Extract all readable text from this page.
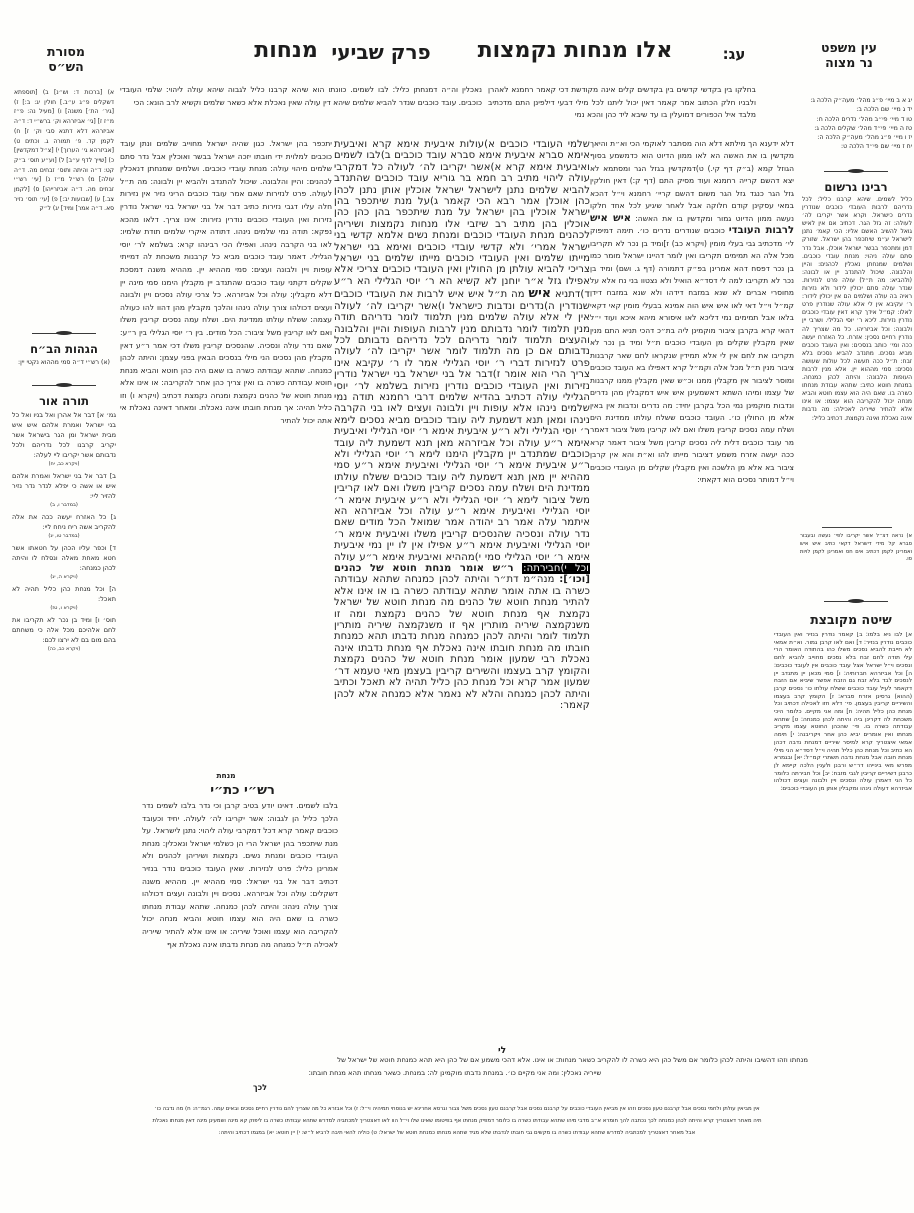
עין משפט
נר מצוה
עג:
אלו מנחות נקמצות
פרק שביעי
מנחות
יג א ב מיי׳ פ״ג מהל׳ מעה״ק הלכה ג:
יד ג מיי׳ שם הלכה ב:
טו ד מיי׳ פי״ב מהל׳ נדרים הלכה ח:
טז ה מיי׳ פי״ד מהל׳ שקלים הלכה ג:
יז ו מיי׳ פ״ג מהל׳ מעה״ק הלכה ה:
יח ז מיי׳ שם פי״ד הלכה ט:
רבינו גרשום
כליל לשמים. שיהא קרבנו כליל: לכל נדריהם לרבות העובדי כוכבים שנודרין נדרים כישראל. וקרא אשר יקריבו לה׳ לעולה: זה גזל הגר. דכתיב אם אין לאיש גואל להשיב האשם אליו: הכי קאמ׳ נתנן לישראל ע״מ שיתכפר בהן ישראל. שזורק דמן ומתכפר בבשר ישראל אוכלן. אבל נדר סתם עולה ניהוי: מנחת עובדי כוכבים. ושלמים שמנחתן נאכלין לכהנים: והיין והלבונה. שיכול להתנדב יין או לבונה: (ולהביא: מה ת״ל) עולה פרט לנזירות. שנדר עולה סתם יכולין לידור ולא נזירות ראיה בה עולה ושלמים הם אין יכולין לידור: ר׳ עקיבא אין לי אלא עולה שנודרין פרט לאלו: קמ״ל אידך קרא דאין עובדי כוכבים נודרין נזירות. ליכא ר׳ יוסי הגלילי. ושרבי יין ולבונה: וכל אביזריהו. כל מה שצריך לה נודרין רחיים נסכין: אזרח. כל האזרח יעשה ככה ומי׳ כותב בנסכים: ואין העובד כוכבים מביא נסכים. מתנדב להביא נסכים בלא זבח: ת״ל ככה תעשה לכל עולות שעושה נסכים: סמי מההוא יין. אלא מנין לרבות העופות הלבונה: והיתה לכהן כמנחה. במנחת חוטא כתיב: שתהא עבודת מנחתו כשרה בו. שאם היה הוא עצמו חוטא והביא מנחה יכול להקריבה הוא עצמו: או אינו אלא להתיר שייריה לאכילה: מה נדבות אינה נאכלת ואינה נקמצת. דכתיב כליל:
א) נראה דצ״ל אשר יקריבו לפי׳ נעשה ובעבור סברא קל מידי דישראל דקאי כתיב איש איש ואמרינן לקמן דכתיב אים חס ואמרינן לקמן לויות סו.
שיטה מקובצת
א] לבו ניא בלמו: ב] קאמר נודרין בנזיר ואין העובדי כוכבים נודרין בנזיר: ד] ואם לאו קרבן גמור. וא״ת אמאי לא חייבת להביא נסכים משלו כהו בהתודה האומר הרי עלי תודה לחם זבח בלא נסכים מחוייב להביא לחם ונסכים וי״ל ישראל אצל עובד כוכבים אין לעובד כוכבים: ה] וכל אביזרהא חברותיה: ו] סמי מכאן יין מתנדב יין לנסכים לבד בלא זבח גם הזבח אפשר שיביא אם הזבח דקאמר לעיל עובד כוכבים ששלח עולתו כו׳ נסכים קרבן (ההוא) גרסינן אזרח סברא: ז] הקומץ קרב בעצמו והשיריים קריבין בעצמן. פי׳ דלא חזו לאכילה דכתיב וכל מנחת כהן כליל תהיה: ח] ומה אני מקיים. כלומר היכי משכחת לה דקרינן ביה והיתה לכהן כמנחה: ט] שתהא עבודתה כשרה בו. פי׳ שהכהן החוטא עצמו מקריב מנחתו ואין אומרים יביא כהן אחר ויקריבנה: י] תימה אמאי איצטריך קרא למיסר שיריים דמנחת נדבה דכהן הא כתיב וכל מנחת כהן כליל תהיה וי״ל דסד״א הני מילי מנחת חובה אבל מנחת נדבה תשתרי קמ״ל: יא] ובגמרא מפרש מאי בינייהו דר״ש ורבנן ולענין הלכה קיימא לן כרבנן דשיריים קריבין לגבי מזבח: יב] וכל חבירתה כלומר כל הני דאמרן עולה ונסכים ויין ולבונה ועצים דכולהו אביזרהא דעולה נינהו ומקבלין אותן מן העובדי כוכבים:
מסורת
הש״ס
א) [ברכות ד: וש״נ] ב) [תוספתא דשקלים פ״ג ע״ב.] חולין יג: ב:] ז) [גיר׳ הת׳] משנה] ו) [מעיל נה: פ״ז מ״ז ז] [גי׳ אביזרהא וק׳ ברש״י ד: ד״ה אביזרהא דלא דתנא סבי וק׳ ז] ח) לקמן קד. פ׳ תמורה ג. וכתים ט) [אביזרהא גי׳ הערוך] י) [צ״ל דמקדשין] כ) [שייך לדף ע״ב] ל) [וע״ע תוס׳ ב״ק קט: ד״ה והיתה ותוס׳ זבחים מה. ד״ה עולה] מ) רש״ל מ״ז נ) [עי׳ רש״י זבחים מה. ד״ה אביזרייהו] ס) [לקמן צב.] ע) [שבועות יב:] פ) [עי׳ תוס׳ נזיר סא. ד״ה אמר] ומיד] יג) ל״ק
הגהות הב״ח
(א) רש״י ד״ה סמי מההוא נקטי יין:
תורה אור
גמ׳ א] דבר אל אהרן ואל בניו ואל כל בני ישראל ואמרת אלהם איש איש מבית ישראל ומן הגר בישראל אשר יקריב קרבנו לכל נדריהם ולכל נדבותם אשר יקריבו ליי לעלה:
(ויקרא כב, יח)
ב] דבר אל בני ישראל ואמרת אלהם איש או אשה כי יפלא לנדר נדר נזיר להזיר ליי:
(במדבר ו, ב)
ג] כל האזרח יעשה ככה את אלה להקריב אשה ריח ניחח ליי:
(במדבר טו, יג)
ד] וכפר עליו הכהן על חטאתו אשר חטא מאחת מאלה ונסלח לו והיתה לכהן כמנחה:
(ויקרא ה, יג)
ה] וכל מנחת כהן כליל תהיה לא תאכל:
(ויקרא ו, טז)
תוס׳ ו] ומיד בן נכר לא תקריבו את לחם אלהיכם מכל אלה כי משחתם בהם מום בם לא ירצו לכם:
(ויקרא כב, כה)
נאכלין וה״ה דמנחתן כליל: לבו לשמים. כוונתו הוא שיהא קרבנו כליל לגבוה שיהא עולה ליהוי: שלמי העובדי כוכבים. עובד כוכבים שנדר להביא שלמים שיהא דין עולה שאין נאכלת אלא כשאר שלמים וקשיא לרב הונא: הכי
יתכפר בהן ישראל. כגון שהיה ישראל מחוייב שלמים ונתן עובד כוכבים למלוית ידי חובתו יזכה ישראל בבשר ואוכלין אבל נדר סתם שלמים מיהוי עולה: מנחת עובדי כוכבים. ושלמים שמנחתן דנאכלין לכהנים: והיין והלבונה. שיכול להתנדב ולהביא יין ולבונה: מה ת״ל לעולה. פרט לנזירות שאם אמר עובד כוכבים הריני נזיר אין נזירות חלה עליו דגבי נזירות כתיב דבר אל בני ישראל בני ישראל נודרין נזירות ואין העובדי כוכבים נודרין נזירות: אינו צריך. דלאו מהכא נפקא: תודה נמי שלמים נינהו. דתודה איקרי שלמים תודת שלמיו: לאו בני הקרבה נינהו. ואפילו הכי רבינהו קרא: בשלמא לר׳ יוסי הגלילי. דאמר עובד כוכבים מביא כל קרבנות משכחת לה דמייתי עופות ויין ולבונה ועצים: סמי מההיא יין. מההיא משנה דמסכת שקלים דקתני עובד כוכבים שהתנדב יין מקבלין הימנו סמי מינה יין דלא מקבלין: עולה וכל אביזרהא. כל צרכי עולה נסכים ויין ולבונה ועצים דכולהו צורך עולה נינהו והלכך מקבלין מהן דהוו להו כעולה עצמה: ששלח עולתו ממדינת הים. ושלח עמה נסכים קריבין משלו ואם לאו קריבין משל ציבור: הכל מודים. בין ר׳ יוסי הגלילי בין ר״ע: שאם נדר עולה ונסכיה. שהנסכים קריבין משלו דכי אמר ר״ע דאין מקבלין מהן נסכים הני מילי בנסכים הבאין בפני עצמן: והיתה לכהן כמנחה. שתהא עבודתה כשרה בו שאם היה כהן חוטא והביא מנחת חוטא עבודתה כשרה בו ואין צריך כהן אחר להקריבה: או אינו אלא מנחת חוטא של כהנים נקמצת ומנחה נקמצת דכתיב (ויקרא ו) וזו כליל תהיה: אך מנחת חובתו אינה נאכלת. ומאחר דאינה נאכלת אי אתה יכול להתיר
מנחת
רש״י כת״י
בלבו לשמים. דאינו יודע בטיב קרבן וכי נדר בלבו לשמים נדר הלכך כליל הן לגבוה: אשר יקריבו לה׳ לעולה. יחיד וכעובד כוכבים קאמר קרא דכל דמקרבי עולה ליהוי: נתנן לישראל. על מנת שיתכפר בהן ישראל הרי הן כשלמי ישראל ונאכלין: מנחת העובדי כוכבים ומנחת נשים. נקמצות ושיריהן לכהנים ולא אמרינן כליל: פרט לנזירות. שאין העובד כוכבים נודר בנזיר דכתיב דבר אל בני ישראל: סמי מההיא יין. מההיא משנה דשקלים: עולה וכל אביזרהא. נסכים ויין ולבונה ועצים דכולהו צורך עולה נינהו: והיתה לכהן כמנחה. שתהא עבודת מנחתו כשרה בו שאם היה הוא עצמו חוטא והביא מנחה יכול להקריבה הוא עצמו ואוכל שיריה: או אינו אלא להתיר שייריה לאכילה ת״ל כמנחה מה מנחת נדבתו אינה נאכלת אף
שלמי העובדי כוכבים א)עולות איבעית אימא קרא ואיבעית אימא סברא איבעית אימא סברא עובד כוכבים ב)לבו לשמים ואיבעית אימא קרא א)אשר יקריבו לה׳ לעולה כל דמקרבי עולה ליהוי מתיב רב חמא בר גוריא עובד כוכבים שהתנדב להביא שלמים נתנן לישראל ישראל אוכלין אותן נתנן לכהן כהן אוכלן אמר רבא הכי קאמר ג)על מנת שיתכפר בהן ישראל אוכלין בהן ישראל על מנת שיתכפר בהן כהן כהן אוכלין בהן מתיב רב שיזבי אלו מנחות נקמצות ושיריהן לכהנים מנחת העובדי כוכבים ומנחת נשים אלמא קדשי בני ישראל אמרי׳ ולא קדשי עובדי כוכבים ואימא בני ישראל מייתו שלמים ואין העובדי כוכבים מייתו שלמים בני ישראל צריכי להביא עולתן מן החולין ואין העובדי כוכבים צריכי אלא אפילו גזל א״ר יוחנן לא קשיא הא ר׳ יוסי הגלילי הא ר״ע ד)דתניא איש מה ת״ל איש איש לרבות את העובדי כוכבים שנודרין ה)נדרים ונדבות כישראל ו)אשר יקריבו לה׳ לעולה אין לי אלא עולה שלמים מנין תלמוד לומר נדריהם תודה מנין תלמוד לומר נדבותם מנין לרבות העופות והיין והלבונה והעצים תלמוד לומר נדריהם לכל נדריהם נדבותם לכל נדבותם אם כן מה תלמוד לומר אשר יקריבו לה׳ לעולה פרט לנזירות דברי ר׳ יוסי הגלילי אמר לו ר׳ עקיבא אינו צריך הרי הוא אומר ז)דבר אל בני ישראל בני ישראל נודרין נזירות ואין העובדי כוכבים נודרין נזירות בשלמא לר׳ יוסי הגלילי עולה דכתיב בהדיא שלמים דרבי רחמנא תודה נמי שלמים נינהו אלא עופות ויין ולבונה ועצים לאו בני הקרבה נינהו ומאן תנא דשמעת ליה עובד כוכבים מביא נסכים לימא ר׳ יוסי הגלילי ולא ר״ע איבעית אימא ר׳ יוסי הגלילי ואיבעית אימא ר״ע עולה וכל אביזרהא מאן תנא דשמעת ליה עובד כוכבים שמתנדב יין מקבלין הימנו לימא ר׳ יוסי הגלילי ולא ר״ע איבעית אימא ר׳ יוסי הגלילי ואיבעית אימא ר״ע סמי מההיא יין מאן תנא דשמעת ליה עובד כוכבים ששלח עולתו ממדינת הים ושלח עמה נסכים קריבין משלו ואם לאו קריבין משל ציבור לימא ר׳ יוסי הגלילי ולא ר״ע איבעית אימא ר׳ יוסי הגלילי ואיבעית אימא ר״ע עולה וכל אביזרהא הא איתמר עלה אמר רב יהודה אמר שמואל הכל מודים שאם נדר עולה ונסכיה שהנסכים קריבין משלו ואיבעית אימא ר׳ יוסי הגלילי ואיבעית אימא ר״ע אפילו אין לו יין נמי איבעית אימא ר׳ יוסי הגלילי סמי י)מההיא ואיבעית אימא ר״ע עולה וכל י)חבירתה: ר״ש אומר מנחת חוטא של כהנים [וכו׳]: מנה״מ דת״ר והיתה לכהן כמנחה שתהא עבודתה כשרה בו אתה אומר שתהא עבודתה כשרה בו או אינו אלא להתיר מנחת חוטא של כהנים מה מנחת חוטא של ישראל נקמצת אף מנחת חוטא של כהנים נקמצת ומה זו משנקמצה שיריה מותרין אף זו משנקמצה שיריה מותרין תלמוד לומר והיתה לכהן כמנחה מנחת נדבתו תהא כמנחת חובתו מה מנחת חובתו אינה נאכלת אף מנחת נדבתו אינה נאכלת רבי שמעון אומר מנחת חוטא של כהנים נקמצת והקומץ קרב בעצמו והשירים קריבין בעצמן מאי טעמא דר׳ שמעון אמר קרא וכל מנחת כהן כליל תהיה לא תאכל וכתיב והיתה לכהן כמנחה והלא לא נאמר אלא כמנחה אלא לכהן קאמר:
לי
בחלקו בין בקדשי קדשים בין בקדשים קלים אינה מקודשת דכי קאמר רחמנא לאהרן ולבניו חלק הכתוב אמר קאמר דאין יכול ליתנו לכל מילי דבעי דילפינן התם מדכתיב מלבד איל הכפורים דמועלין בו עד שיבא ליד כהן והכא נמי
דלא ידענא הך מילתא דלא הוה מסתבר לאוקמי הכי וא״ת והיאך מקדשין בו את האשה הא לאו ממון הדיוט הוא כדמשמע בסוף הגוזל קמא (ב״ק דף קי.) ט)דמקדשין בגזל הגר ומסתמא לא יצא דהשם קרייה רחמנא ועוד מסיק התם (דף ק:) דאין חולקין גזל הגר כנגד גזל הגר משום דהשם קריי׳ רחמנא וי״ל דהכא במאי עסקינן קודם חלוקה אבל לאחר שיגיע לכל אחד חלקו נעשה ממון הדיוט גמור ומקדשין בו את האשה: איש איש לרבות העובדי כוכבים שנודרים נדרים כו׳. תימה דמיפוק לי׳ מדכתיב גבי בעלי מומין (ויקרא כב) ז]ומיד בן נכר לא תקריבו מכל אלה הא תמימים תקריבו ואין לומר דהיינו ישראל מומר כמו בן נכר דפסח דהא אמרינן בפ״ק דתמורה (דף ג. ושם) ומיד בן נכר לא תקריבו למה לי דסד״א הואיל ולא נצטוו בני נח אלא על מחוסרי אברים לא שנא במזבח דידהו ולא שנא במזבח דידן קמ״ל וי״ל דאי לאו איש איש הוה אמינא בבעלי מומין קאי דקאי בלאו אבל תמימים נמי דליכא לאו איסורא מיהא איכא ועוד י״ל דהאי קרא בקרבן ציבור מוקמינן ליה בת״כ דהכי תניא התם מנין שאין מקבלין שקלים מן העובדי כוכבים ת״ל ומיד בן נכר לא תקריבו את לחם אין לי אלא תמידין שנקראו לחם שאר קרבנות ציבור מנין ת״ל מכל אלה וקמ״ל קרא דאפילו בא העובד כוכבים ומוסר לציבור אין מקבלין ממנו וכ״ש שאין מקבלין ממנו קרבנות של עצמו ומיהו השתא דאשמעינן איש איש דמקבלין מהן נדרים ונדבות מוקמינן נמי הכל בקרבן יחיד: מה נדרים ונדבות אין באין אלא מן החולין כו׳. העובד כוכבים ששלח עולתו ממדינת הים ושלח עמה נסכים קריבין משלו ואם לאו קריבין משל ציבור דאמר מר עובד כוכבים דלית ליה נסכים קריבין משל ציבור דאמר קרא ככה יעשה אזרח משמע דציבור מייתו להו וא״ת והא אין קרבן ציבור בא אלא מן הלשכה ואין מקבלין שקלים מן העובדי כוכבים וי״ל דמותר נסכים הוא דקאתי:
מנחתו וזהו דהשיבו והיתה לכהן כלומר אם משל כהן היא כשרה לו להקריב כשאר מנחות: או אינו. אלא דהכי משמע אם של כהן היא תהא כמנחת חוטא של ישראל של
שייריה נאכלין: ומה אני מקיים כו׳. במנחת נדבתו מוקמינן לה: במנחת. כשאר מנחתו תהא מנחת חובתו:
לכך
אין מביאין עולתן ולחמי נסכים אבל קרבנם טעון נסכים וזהו אין מביאין העובדי כוכבים על קרבנם נסכים אבל קרבנם טעון נסכים משל צבור וגרסא אחרינא יש בנוסחי תמיהיה וי״ל: ז) וכל אבזרא כל מה שצריך להם נודרין רחיים נסכים ובאים עמה. רגמ״ה: ח) מה נדבה כו׳
תיה מאחר דאצטריך קרא והיתה לכהן כמנחה לכך נכתבה להך חומרא א״ב מדבי מיהו שתהא עבודתו כשרה בו כלומר דמפיק מנחתו אף בפיטומו שאינו שלו וי״ל הוו לאו דאצטריך למכתביה למדרש שתהא עבודתו כשרה בו ליפוק קא מינה ושמעינן מינה דאין מנחתו נאכלת
אבל מאחר דאצטריך למכתביה למדרש שתהא עבודתו כשרה בו מקשים גבי חובתו לנדבתו שלא מגיד שתהא מנחתו כמנחת חוטא של ישראל: ט) כוליה להאי תיבה לרביא ל״ש: י) יין חוטא: יא) במגמו דכתיב והיתה:
